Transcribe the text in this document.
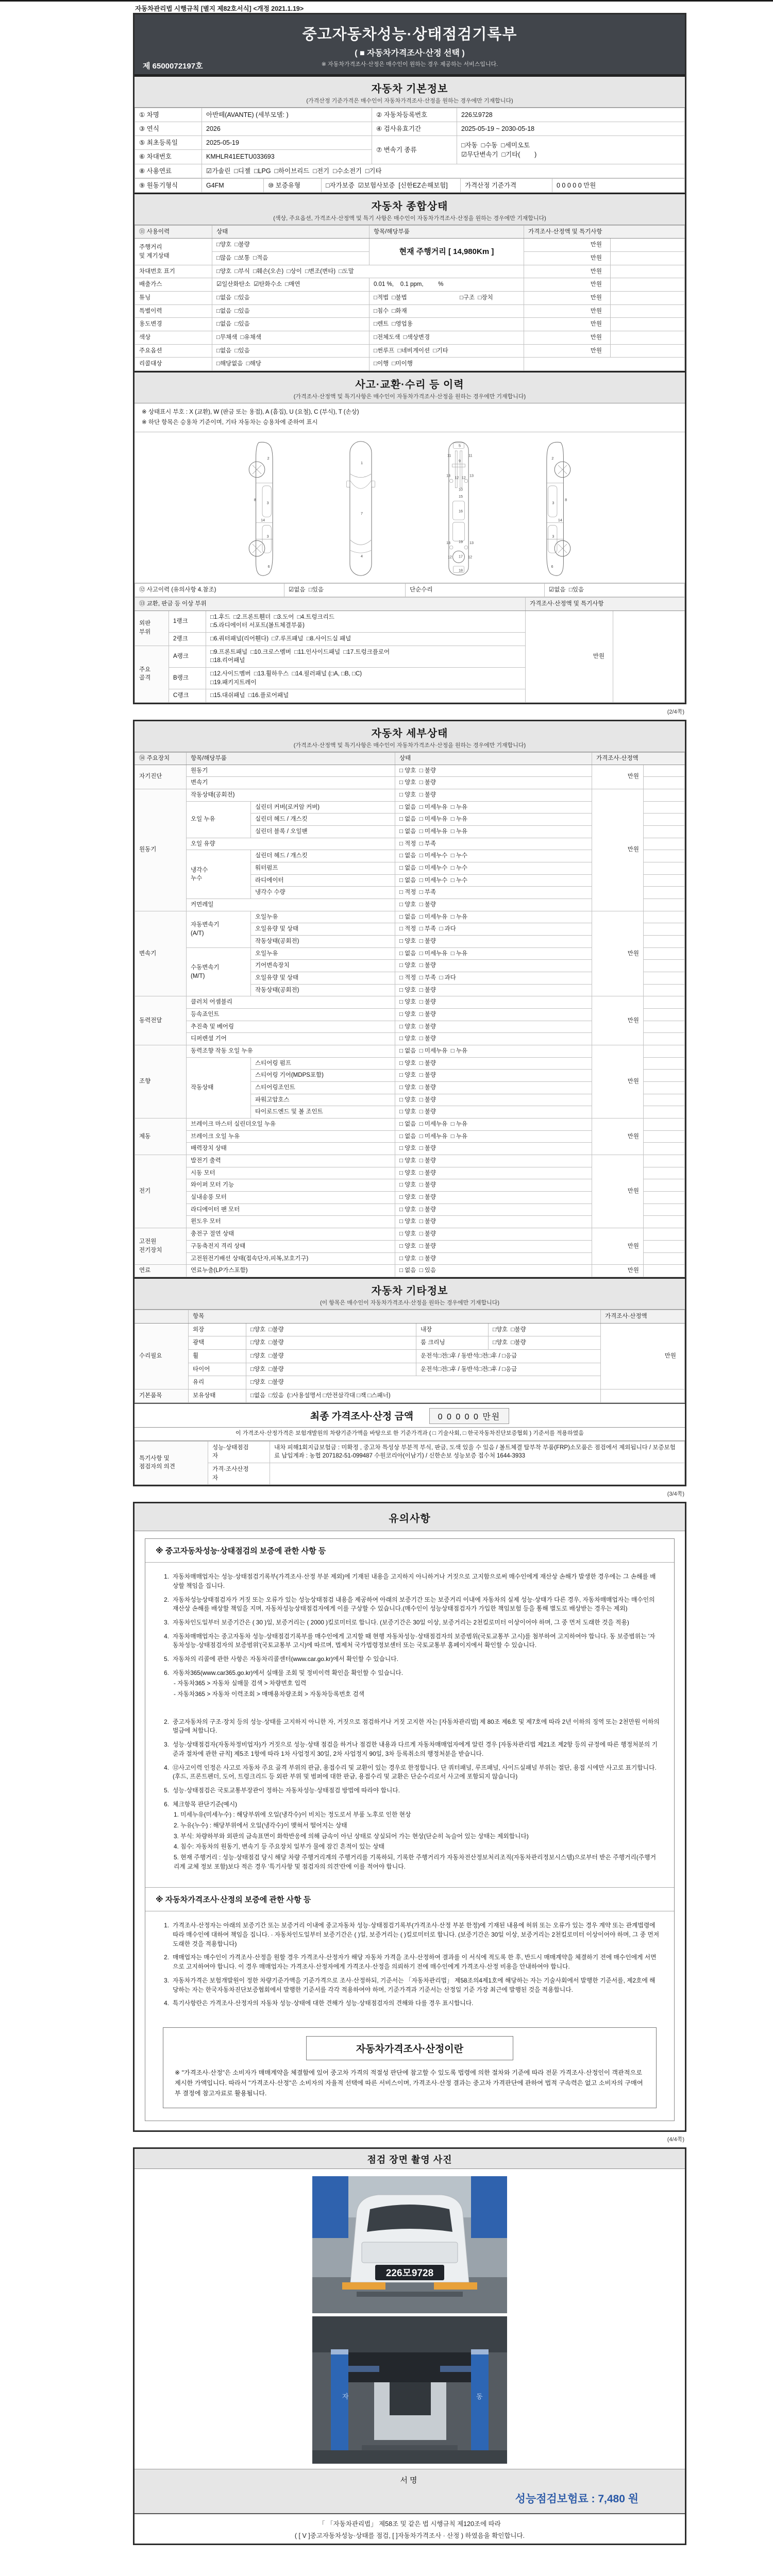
자동차관리법 시행규칙 [별지 제82호서식] <개정 2021.1.19>
중고자동차성능·상태점검기록부
( ■ 자동차가격조사·산정 선택 )
※ 자동차가격조사·산정은 매수인이 원하는 경우 제공하는 서비스입니다.
제 6500072197호
자동차 기본정보
(가격산정 기준가격은 매수인이 자동차가격조사·산정을 원하는 경우에만 기재합니다)
① 차명	아반떼(AVANTE) (세부모델: )	② 자동차등록번호	226모9728
③ 연식	2026	④ 검사유효기간	2025-05-19 ~ 2030-05-18
⑤ 최초등록일	2025-05-19	⑦ 변속기 종류	□자동  □수동  □세미오토
☑무단변속기  □기타(        )
⑥ 차대번호	KMHLR41EETU033693		
⑧ 사용연료	☑가솔린  □디젤  □LPG  □하이브리드  □전기  □수소전기  □기타		
⑨ 원동기형식	G4FM	⑩ 보증유형	□자가보증  ☑보험사보증  [신한EZ손해보험]	가격산정 기준가격	0 0 0 0 0 만원
자동차 종합상태
(색상, 주요옵션, 가격조사·산정액 및 특기 사항은 매수인이 자동차가격조사·산정을 원하는 경우에만 기재합니다)
⑪ 사용이력	상태	항목/해당부품	가격조사·산정액 및 특기사항	
주행거리
및 계기상태	□양호  □불량	현재 주행거리 [ 14,980Km ]	만원	
	□많음  □보통  □적음		만원	
차대번호 표기	□양호  □부식  □훼손(오손)  □상이  □변조(변타)  □도말		만원	
배출가스	☑일산화탄소  ☑탄화수소  □매연	0.01 %,    0.1 ppm,         %	만원	
튜닝	□없음  □있음	□적법  □불법                                □구조  □장치	만원	
특별이력	□없음  □있음	□침수  □화재	만원	
용도변경	□없음  □있음	□렌트  □영업용	만원	
색상	□무채색  □유채색	□전체도색  □색상변경	만원	
주요옵션	□없음  □있음	□썬루프  □네비게이션  □기타	만원	
리콜대상	□해당없음  □해당	□이행  □미이행		
사고·교환·수리 등 이력
(가격조사·산정액 및 특기사항은 매수인이 자동차가격조사·산정을 원하는 경우에만 기재합니다)
※ 상태표시 부호 : X (교환), W (판금 또는 용접), A (흠집), U (요철), C (부식), T (손상)
※ 하단 항목은 승용차 기준이며, 기타 자동차는 승용차에 준하여 표시
2
8
3
14
3
6
1
7
4
5
11 11
9
13 12 12 13
10
15
16
13 19 13
12 17 12
18
2
8
3
14
3
6
⑫ 사고이력 (유의사항 4.참조)	☑없음  □있음	단순수리	☑없음  □있음
⑬ 교환, 판금 등 이상 부위			가격조사·산정액 및 특기사항	
외판
부위	1랭크	□1.후드  □2.프론트휀더  □3.도어  □4.트렁크리드
□5.라디에이터 서포트(볼트체결부품)	만원	
	2랭크	□6.쿼터패널(리어휀다)  □7.루프패널  □8.사이드실 패널		
주요
골격	A랭크	□9.프론트패널  □10.크로스멤버  □11.인사이드패널  □17.트렁크플로어
□18.리어패널		
	B랭크	□12.사이드멤버  □13.휠하우스  □14.필러패널 (□A, □B, □C)
□19.패키지트레이		
	C랭크	□15.대쉬패널  □16.플로어패널		
(2/4쪽)
자동차 세부상태
(가격조사·산정액 및 특기사항은 매수인이 자동차가격조사·산정을 원하는 경우에만 기재합니다)
⑭ 주요장치	항목/해당부품		상태	가격조사·산정액	
자기진단	원동기		□ 양호  □ 불량	만원	
	변속기		□ 양호  □ 불량		
원동기	작동상태(공회전)		□ 양호  □ 불량	만원	
	오일 누유	실린더 커버(로커암 커버)	□ 없음  □ 미세누유  □ 누유		
		실린더 헤드 / 개스킷	□ 없음  □ 미세누유  □ 누유		
		실린더 블록 / 오일팬	□ 없음  □ 미세누유  □ 누유		
	오일 유량		□ 적정  □ 부족		
	냉각수
누수	실린더 헤드 / 개스킷	□ 없음  □ 미세누수  □ 누수		
		워터펌프	□ 없음  □ 미세누수  □ 누수		
		라디에이터	□ 없음  □ 미세누수  □ 누수		
		냉각수 수량	□ 적정  □ 부족		
	커먼레일		□ 양호  □ 불량		
변속기	자동변속기
(A/T)	오일누유	□ 없음  □ 미세누유  □ 누유	만원	
		오일유량 및 상태	□ 적정  □ 부족  □ 과다		
		작동상태(공회전)	□ 양호  □ 불량		
	수동변속기
(M/T)	오일누유	□ 없음  □ 미세누유  □ 누유		
		기어변속장치	□ 양호  □ 불량		
		오일유량 및 상태	□ 적정  □ 부족  □ 과다		
		작동상태(공회전)	□ 양호  □ 불량		
동력전달	클러치 어셈블리		□ 양호  □ 불량	만원	
	등속죠인트		□ 양호  □ 불량		
	추진축 및 베어링		□ 양호  □ 불량		
	디퍼렌셜 기어		□ 양호  □ 불량		
조향	동력조향 작동 오일 누유		□ 없음  □ 미세누유  □ 누유	만원	
	작동상태	스티어링 펌프	□ 양호  □ 불량		
		스티어링 기어(MDPS포함)	□ 양호  □ 불량		
		스티어링조인트	□ 양호  □ 불량		
		파워고압호스	□ 양호  □ 불량		
		타이로드엔드 및 볼 조인트	□ 양호  □ 불량		
제동	브레이크 마스터 실린더오일 누유		□ 없음  □ 미세누유  □ 누유	만원	
	브레이크 오일 누유		□ 없음  □ 미세누유  □ 누유		
	배력장치 상태		□ 양호  □ 불량		
전기	발전기 출력		□ 양호  □ 불량	만원	
	시동 모터		□ 양호  □ 불량		
	와이퍼 모터 기능		□ 양호  □ 불량		
	실내송풍 모터		□ 양호  □ 불량		
	라디에이터 팬 모터		□ 양호  □ 불량		
	윈도우 모터		□ 양호  □ 불량		
고전원
전기장치	충전구 절연 상태		□ 양호  □ 불량	만원	
	구동축전지 격리 상태		□ 양호  □ 불량		
	고전원전기배선 상태(접속단자,피복,보호기구)		□ 양호  □ 불량		
연료	연료누출(LP가스포함)		□ 없음  □ 있음	만원	
자동차 기타정보
(이 항목은 매수인이 자동차가격조사·산정을 원하는 경우에만 기재합니다)
	항목				가격조사·산정액
수리필요	외장	□양호  □불량	내장	□양호  □불량	만원
	광택	□양호  □불량	룸 크리닝	□양호  □불량	
	휠	□양호  □불량	운전석□전□후 / 동반석□전□후 / □응급		
	타이어	□양호  □불량	운전석□전□후 / 동반석□전□후 / □응급		
	유리	□양호  □불량			
기본품목	보유상태	□없음  □있음  (□사용설명서 □안전삼각대 □잭 □스패너)			
최종 가격조사·산정 금액	0 0 0 0 0 만원
이 가격조사·산정가격은 보험개발원의 차량기준가액을 바탕으로 한 기준가격과 ( □ 기술사회, □ 한국자동차진단보증협회 ) 기준서를 적용하였음
특기사항 및
점검자의 의견	성능·상태점검
자	내차 피해1회지급보험금 : 미확정 , 중고차 특성상 부분적 부식, 판금, 도색 있을 수 있음 / 볼트체결 탈부착 부품(FRP)소모품은 점검에서 제외됩니다 / 보증보험료 납입계좌 : 농협 207182-51-099487 수원코리아(이남기) / 신한손보 성능보증 접수처 1644-3933
	가격·조사산정
자	

(3/4쪽)
유의사항
※ 중고자동차성능·상태점검의 보증에 관한 사항 등
1. 자동차매매업자는 성능·상태점검기록부(가격조사·산정 부분 제외)에 기재된 내용을 고지하지 아니하거나 거짓으로 고지함으로써 매수인에게 재산상 손해가 발생한 경우에는 그 손해를 배상할 책임을 집니다.
2. 자동차성능상태점검자가 거짓 또는 오류가 있는 성능상태점검 내용을 제공하여 아래의 보증기간 또는 보증거리 이내에 자동차의 실제 성능·상태가 다른 경우, 자동차매매업자는 매수인의 재산상 손해를 배상할 책임을 지며, 자동차성능상태점검자에게 이를 구상할 수 있습니다.(매수인이 성능상태점검자가 가입한 책임보험 등을 통해 별도로 배상받는 경우는 제외)
3. 자동차인도일부터 보증기간은 ( 30 )일, 보증거리는 ( 2000 )킬로미터로 합니다. (보증기간은 30일 이상, 보증거리는 2천킬로미터 이상이어야 하며, 그 중 먼저 도래한 것을 적용)
4. 자동차매매업자는 중고자동차 성능·상태점검기록부를 매수인에게 고지할 때 현행 자동차성능·상태점검자의 보증범위(국토교통부 고시)를 첨부하여 고지하여야 합니다. 동 보증범위는 '자동차성능·상태점검자의 보증범위'(국토교통부 고시)에 따르며, 법제처 국가법령정보센터 또는 국토교통부 홈페이지에서 확인할 수 있습니다.
5. 자동차의 리콜에 관한 사항은 자동차리콜센터(www.car.go.kr)에서 확인할 수 있습니다.
6. 자동차365(www.car365.go.kr)에서 실매물 조회 및 정비이력 확인을 확인할 수 있습니다.
- 자동차365 > 자동차 실매물 검색 > 차량번호 입력
- 자동차365 > 자동차 이력조회 > 매매용차량조회 > 자동차등록번호 검색
2. 중고자동차의 구조·장치 등의 성능·상태를 고지하지 아니한 자, 거짓으로 점검하거나 거짓 고지한 자는 [자동차관리법] 제 80조 제6호 및 제7호에 따라 2년 이하의 징역 또는 2천만원 이하의 벌금에 처합니다.
3. 성능·상태점검자(자동차정비업자)가 거짓으로 성능·상태 점검을 하거나 점검한 내용과 다르게 자동차매매업자에게 알린 경우 [자동차관리법 제21조 제2항 등의 규정에 따른 행정처분의 기준과 절차에 관한 규칙] 제5조 1항에 따라 1차 사업정지 30일, 2차 사업정지 90일, 3차 등록취소의 행정처분을 받습니다.
4. ⑫사고이력 인정은 사고로 자동차 주요 골격 부위의 판금, 용접수리 및 교환이 있는 경우로 한정합니다. 단 쿼터패널, 루프패널, 사이드실패널 부위는 절단, 용접 시에만 사고로 표기합니다. (후드, 프론트펜더, 도어, 트렁크리드 등 외판 부위 및 범퍼에 대한 판금, 용접수리 및 교환은 단순수리로서 사고에 포함되지 않습니다)
5. 성능·상태점검은 국토교통부장관이 정하는 자동차성능·상태점검 방법에 따라야 합니다.
6. 체크항목 판단기준(예시)
1. 미세누유(미세누수) : 해당부위에 오일(냉각수)이 비치는 정도로서 부품 노후로 인한 현상
2. 누유(누수) : 해당부위에서 오일(냉각수)이 맺혀서 떨어지는 상태
3. 부식: 차량하부와 외판의 금속표면이 화학반응에 의해 금속이 아닌 상태로 상실되어 가는 현상(단순히 녹슬어 있는 상태는 제외합니다)
4. 침수: 자동차의 원동기, 변속기 등 주요장치 일부가 물에 잠긴 흔적이 있는 상태
5. 현재 주행거리 : 성능·상태점검 당시 해당 차량 주행거리계의 주행거리를 기록하되, 기록한 주행거리가 자동차전산정보처리조직(자동차관리정보시스템)으로부터 받은 주행거리(주행거리계 교체 정보 포함)보다 적은 경우 '특기사항 및 점검자의 의견'란에 이를 적어야 합니다.
※ 자동차가격조사·산정의 보증에 관한 사항 등
1. 가격조사·산정자는 아래의 보증기간 또는 보증거리 이내에 중고자동차 성능·상태점검기록부(가격조사·산정 부분 한정)에 기재된 내용에 허위 또는 오류가 있는 경우 계약 또는 관계법령에 따라 매수인에 대하여 책임을 집니다. · 자동차인도일부터 보증기간은 ( )일, 보증거리는 ( )킬로미터로 합니다. (보증기간은 30일 이상, 보증거리는 2천킬로미터 이상이어야 하며, 그 중 먼저 도래한 것을 적용합니다)
2. 매매업자는 매수인이 가격조사·산정을 원할 경우 가격조사·산정자가 해당 자동차 가격을 조사·산정하여 결과를 이 서식에 적도록 한 후, 반드시 매매계약을 체결하기 전에 매수인에게 서면으로 고지하여야 합니다. 이 경우 매매업자는 가격조사·산정자에게 가격조사·산정을 의뢰하기 전에 매수인에게 가격조사·산정 비용을 안내하여야 합니다.
3. 자동차가격은 보험개발원이 정한 차량기준가액을 기준가격으로 조사·산정하되, 기준서는 「자동차관리법」 제58조의4제1호에 해당하는 자는 기술사회에서 발행한 기준서를, 제2호에 해당하는 자는 한국자동차진단보증협회에서 발행한 기준서를 각각 적용하여야 하며, 기준가격과 기준서는 산정일 기준 가장 최근에 발행된 것을 적용합니다.
4. 특기사항란은 가격조사·산정자의 자동차 성능·상태에 대한 견해가 성능·상태점검자의 견해와 다를 경우 표시합니다.
자동차가격조사·산정이란
※ "가격조사·산정"은 소비자가 매매계약을 체결함에 있어 중고차 가격의 적절성 판단에 참고할 수 있도록 법령에 의한 절차와 기준에 따라 전문 가격조사·산정인이 객관적으로 제시한 가액입니다. 따라서 "가격조사·산정"은 소비자의 자율적 선택에 따른 서비스이며, 가격조사·산정 결과는 중고차 가격판단에 관하여 법적 구속력은 없고 소비자의 구매여부 결정에 참고자료로 활용됩니다.
(4/4쪽)
점검 장면 촬영 사진
226모9728
자	동
서명
성능점검보험료 : 7,480 원
「 「자동차관리법」 제58조 및 같은 법 시행규칙 제120조에 따라
( [ V ]중고자동차성능·상태를 점검, [ ]자동차가격조사 · 산정 ) 하였음을 확인합니다.
